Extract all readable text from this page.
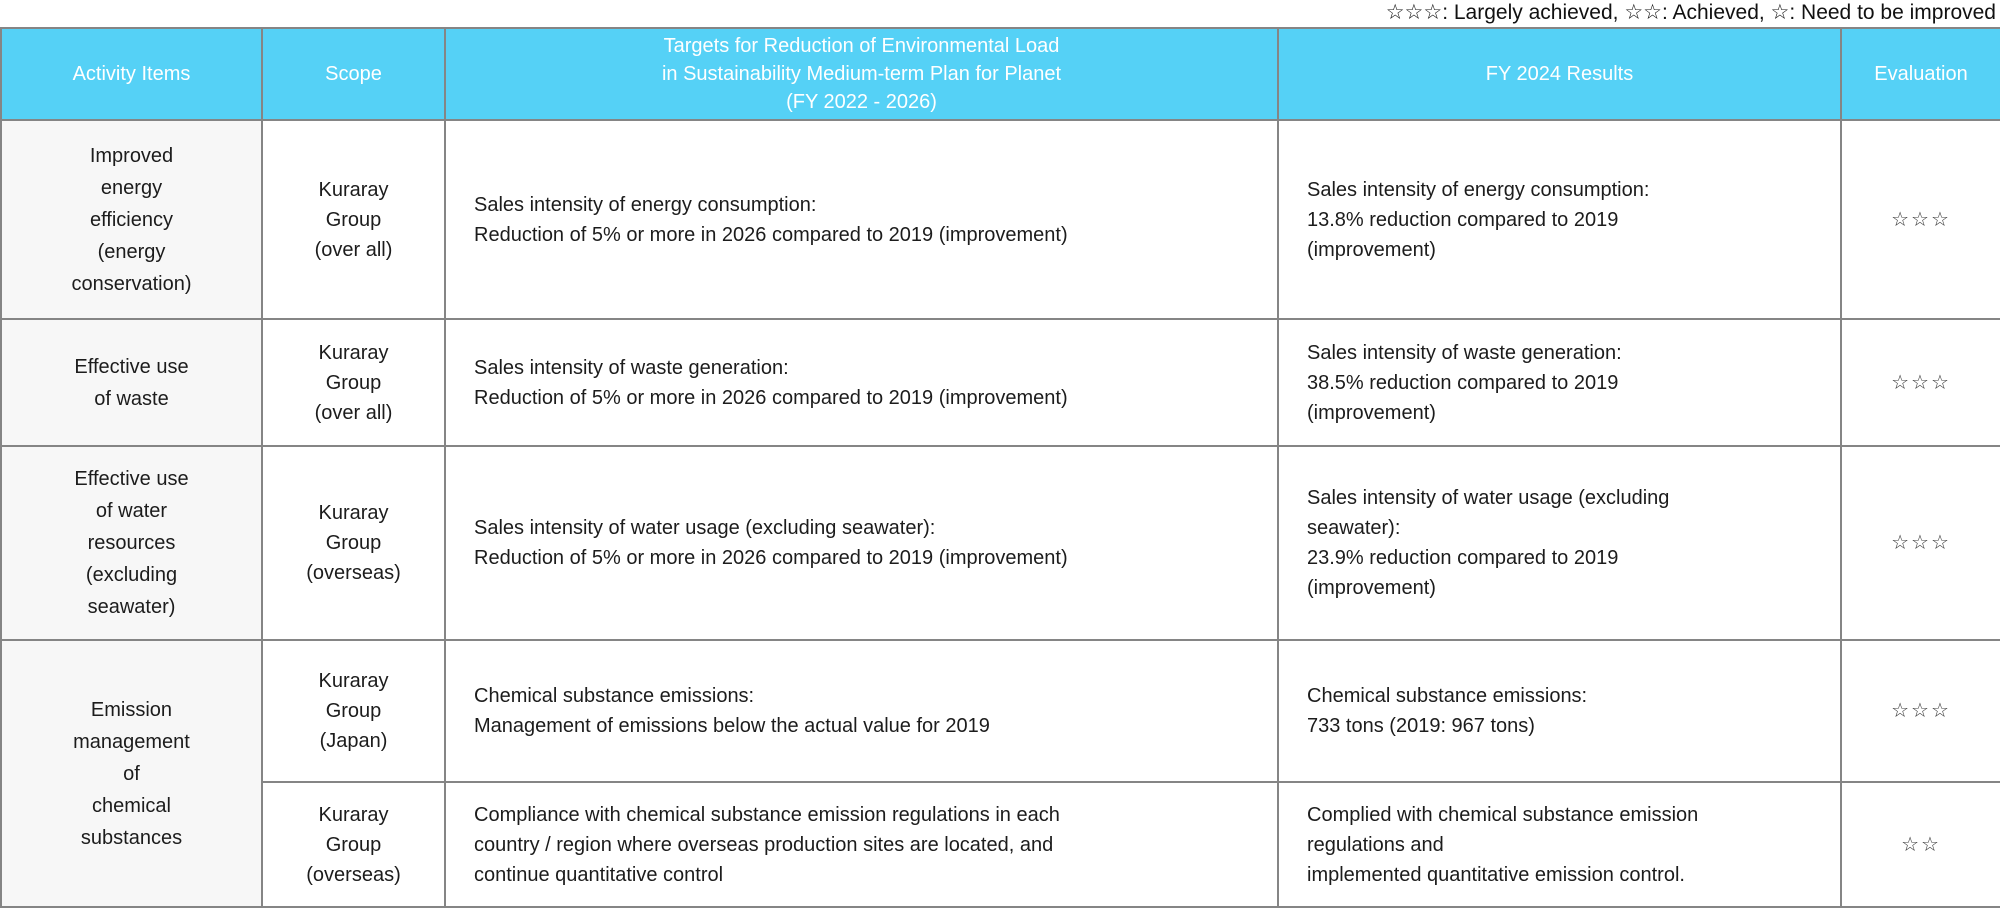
☆☆☆: Largely achieved, ☆☆: Achieved, ☆: Need to be improved
Activity Items	Scope	Targets for Reduction of Environmental Load
in Sustainability Medium-term Plan for Planet
(FY 2022 - 2026)	FY 2024 Results	Evaluation
Improved
energy
efficiency
(energy
conservation)	Kuraray
Group
(over all)	Sales intensity of energy consumption:
Reduction of 5% or more in 2026 compared to 2019 (improvement)	Sales intensity of energy consumption:
13.8% reduction compared to 2019
(improvement)	☆☆☆
Effective use
of waste	Kuraray
Group
(over all)	Sales intensity of waste generation:
Reduction of 5% or more in 2026 compared to 2019 (improvement)	Sales intensity of waste generation:
38.5% reduction compared to 2019
(improvement)	☆☆☆
Effective use
of water
resources
(excluding
seawater)	Kuraray
Group
(overseas)	Sales intensity of water usage (excluding seawater):
Reduction of 5% or more in 2026 compared to 2019 (improvement)	Sales intensity of water usage (excluding
seawater):
23.9% reduction compared to 2019
(improvement)	☆☆☆
Emission
management
of
chemical
substances	Kuraray
Group
(Japan)	Chemical substance emissions:
Management of emissions below the actual value for 2019	Chemical substance emissions:
733 tons (2019: 967 tons)	☆☆☆
	Kuraray
Group
(overseas)	Compliance with chemical substance emission regulations in each
country / region where overseas production sites are located, and
continue quantitative control	Complied with chemical substance emission
regulations and
implemented quantitative emission control.	☆☆
